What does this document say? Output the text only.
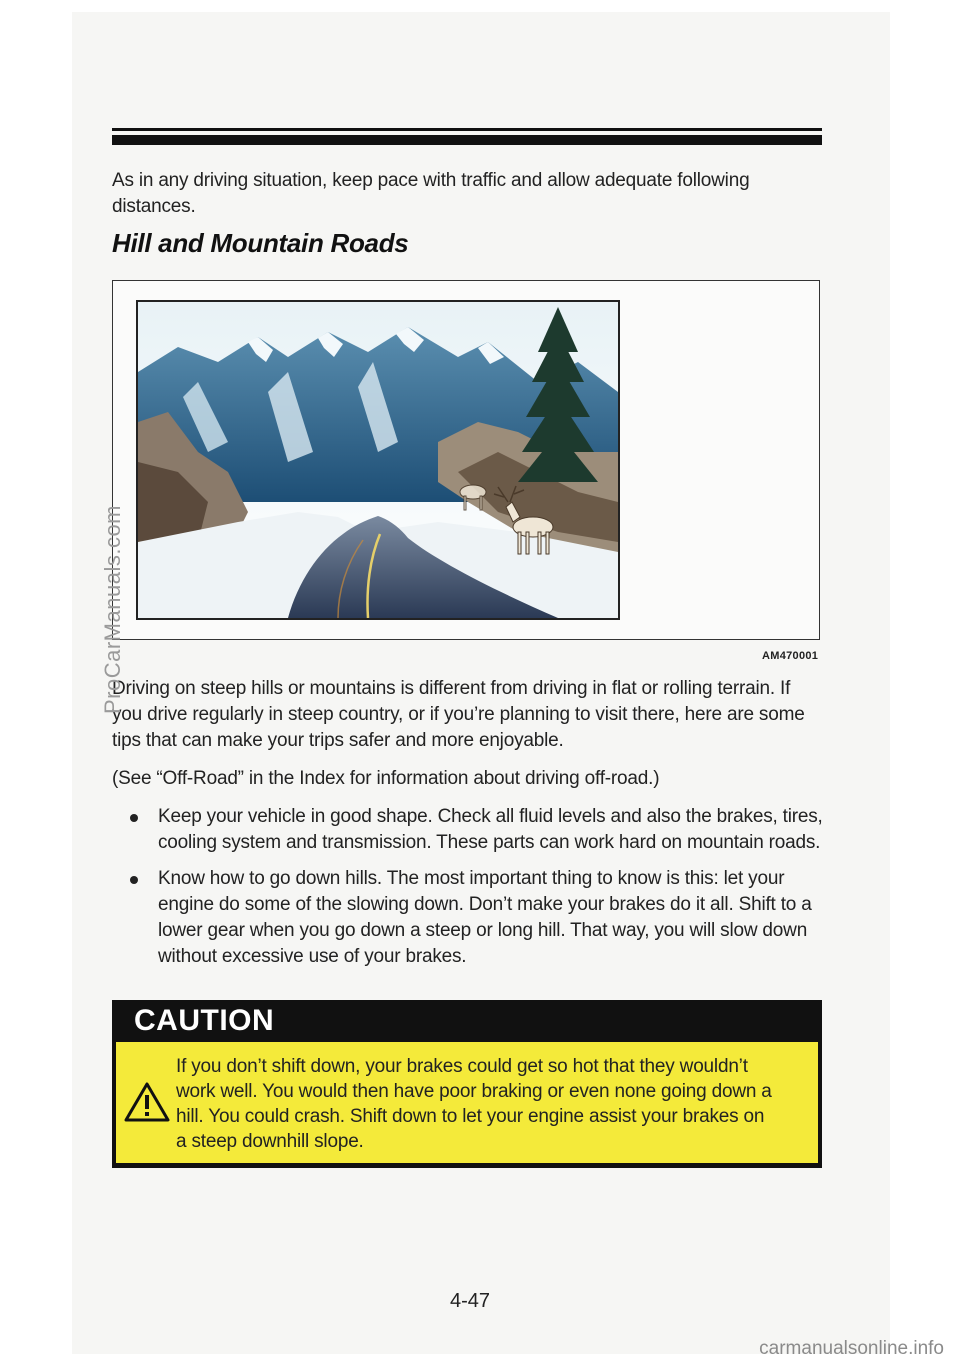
As in any driving situation, keep pace with traffic and allow adequate following distances.

Hill and Mountain Roads
AM470001

Driving on steep hills or mountains is different from driving in flat or rolling terrain. If you drive regularly in steep country, or if you’re planning to visit there, here are some tips that can make your trips safer and more enjoyable.

(See “Off-Road” in the Index for information about driving off-road.)

Keep your vehicle in good shape. Check all fluid levels and also the brakes, tires, cooling system and transmission. These parts can work hard on mountain roads.
Know how to go down hills. The most important thing to know is this: let your engine do some of the slowing down. Don’t make your brakes do it all. Shift to a lower gear when you go down a steep or long hill. That way, you will slow down without excessive use of your brakes.
CAUTION

If you don’t shift down, your brakes could get so hot that they wouldn’t work well. You would then have poor braking or even none going down a hill. You could crash. Shift down to let your engine assist your brakes on a steep downhill slope.

4-47
ProCarManuals.com
carmanualsonline.info
